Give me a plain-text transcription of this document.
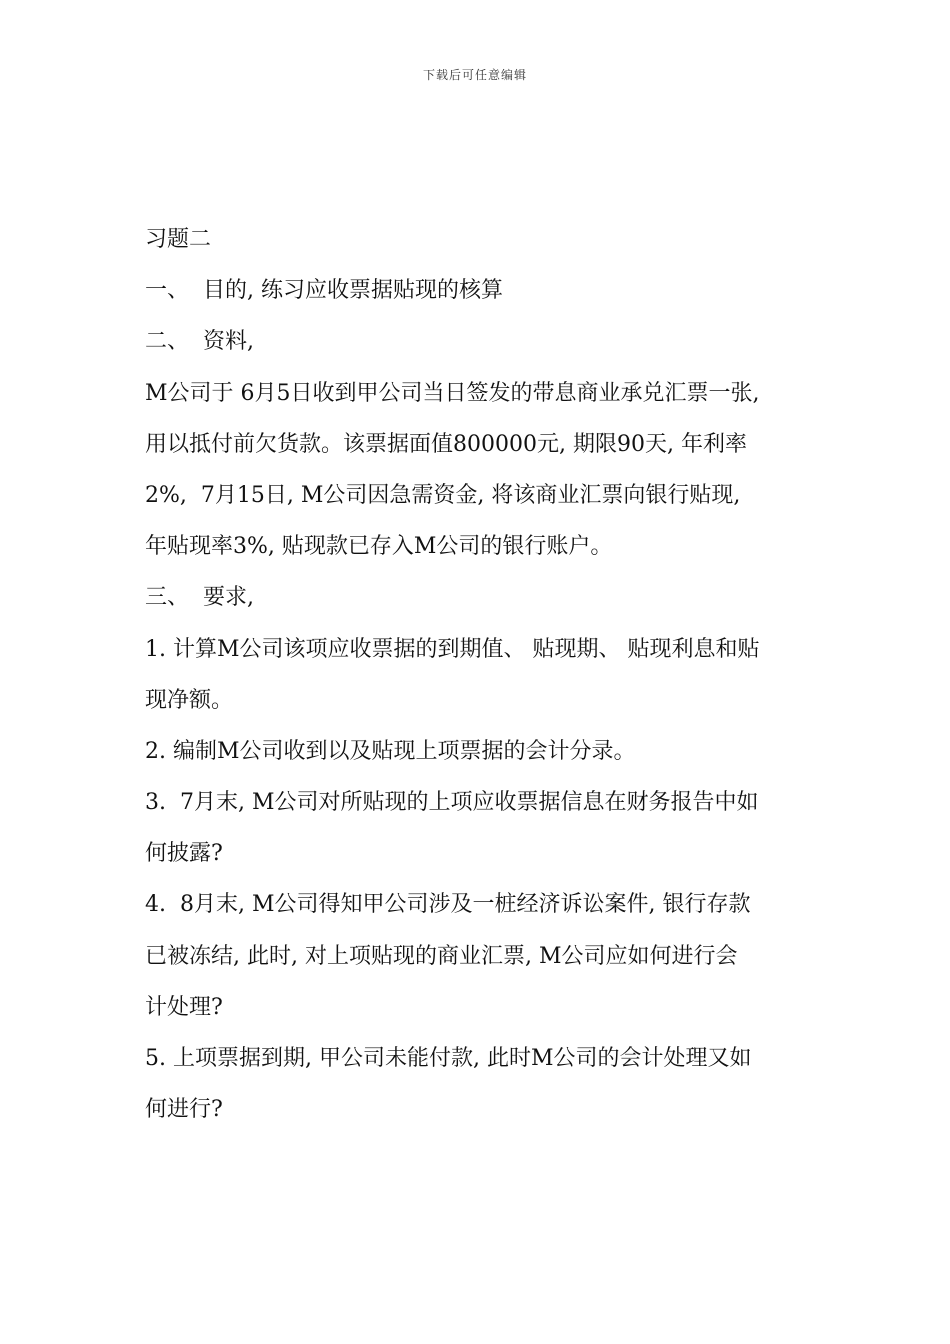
下载后可任意编辑
习题二
一、  目的, 练习应收票据贴现的核算
二、  资料,
M公司于 6月5日收到甲公司当日签发的带息商业承兑汇票一张,
用以抵付前欠货款。该票据面值800000元, 期限90天, 年利率
2%,  7月15日, M公司因急需资金, 将该商业汇票向银行贴现,
年贴现率3%, 贴现款已存入M公司的银行账户。
三、  要求,
1. 计算M公司该项应收票据的到期值、 贴现期、 贴现利息和贴
现净额。
2. 编制M公司收到以及贴现上项票据的会计分录。
3.  7月末, M公司对所贴现的上项应收票据信息在财务报告中如
何披露?
4.  8月末, M公司得知甲公司涉及一桩经济诉讼案件, 银行存款
已被冻结, 此时, 对上项贴现的商业汇票, M公司应如何进行会
计处理?
5. 上项票据到期, 甲公司未能付款, 此时M公司的会计处理又如
何进行?
